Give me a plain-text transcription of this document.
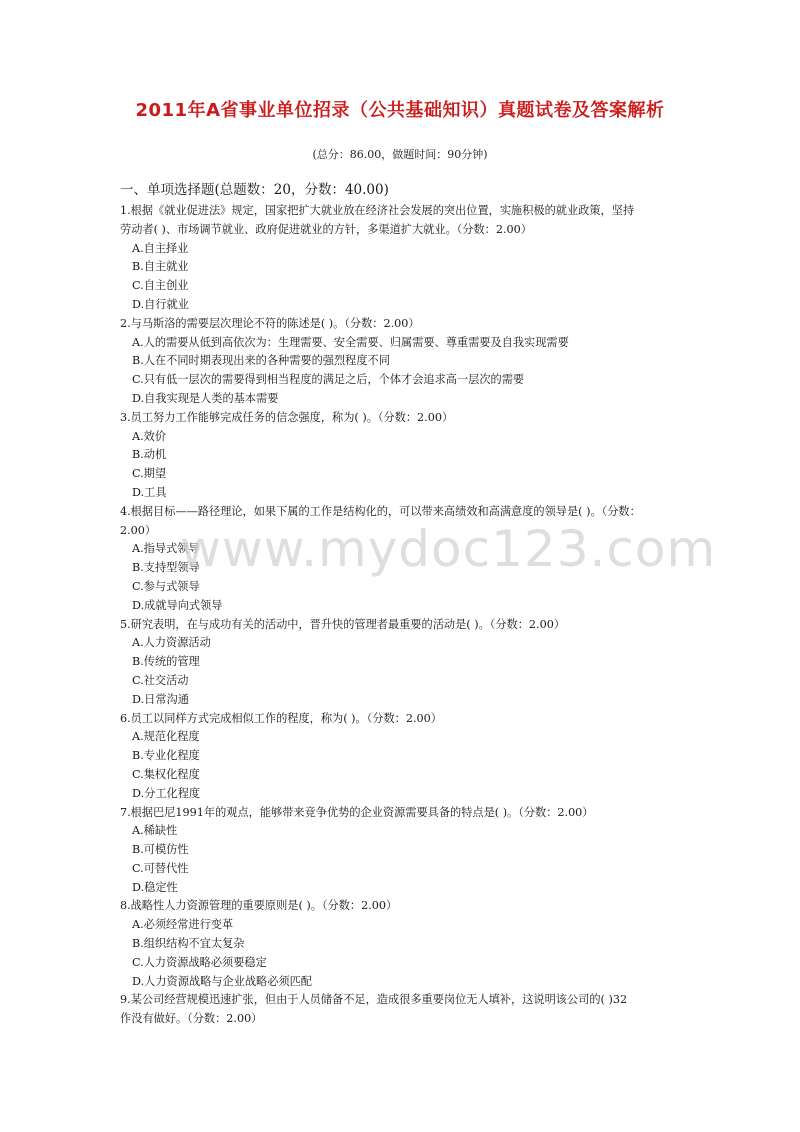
2011年A省事业单位招录（公共基础知识）真题试卷及答案解析
(总分：86.00，做题时间：90分钟)
一、单项选择题(总题数：20，分数：40.00)
1.根据《就业促进法》规定，国家把扩大就业放在经济社会发展的突出位置，实施积极的就业政策，坚持
劳动者( )、市场调节就业、政府促进就业的方针，多渠道扩大就业。（分数：2.00）
A.自主择业
B.自主就业
C.自主创业
D.自行就业
2.与马斯洛的需要层次理论不符的陈述是( )。（分数：2.00）
A.人的需要从低到高依次为：生理需要、安全需要、归属需要、尊重需要及自我实现需要
B.人在不同时期表现出来的各种需要的强烈程度不同
C.只有低一层次的需要得到相当程度的满足之后，个体才会追求高一层次的需要
D.自我实现是人类的基本需要
3.员工努力工作能够完成任务的信念强度，称为( )。（分数：2.00）
A.效价
B.动机
C.期望
D.工具
4.根据目标——路径理论，如果下属的工作是结构化的，可以带来高绩效和高满意度的领导是( )。（分数：
2.00）
A.指导式领导
B.支持型领导
C.参与式领导
D.成就导向式领导
5.研究表明，在与成功有关的活动中，晋升快的管理者最重要的活动是( )。（分数：2.00）
A.人力资源活动
B.传统的管理
C.社交活动
D.日常沟通
6.员工以同样方式完成相似工作的程度，称为( )。（分数：2.00）
A.规范化程度
B.专业化程度
C.集权化程度
D.分工化程度
7.根据巴尼1991年的观点，能够带来竞争优势的企业资源需要具备的特点是( )。（分数：2.00）
A.稀缺性
B.可模仿性
C.可替代性
D.稳定性
8.战略性人力资源管理的重要原则是( )。（分数：2.00）
A.必须经常进行变革
B.组织结构不宜太复杂
C.人力资源战略必须要稳定
D.人力资源战略与企业战略必须匹配
9.某公司经营规模迅速扩张，但由于人员储备不足，造成很多重要岗位无人填补，这说明该公司的( )32
作没有做好。（分数：2.00）
www.mydoc123.com
